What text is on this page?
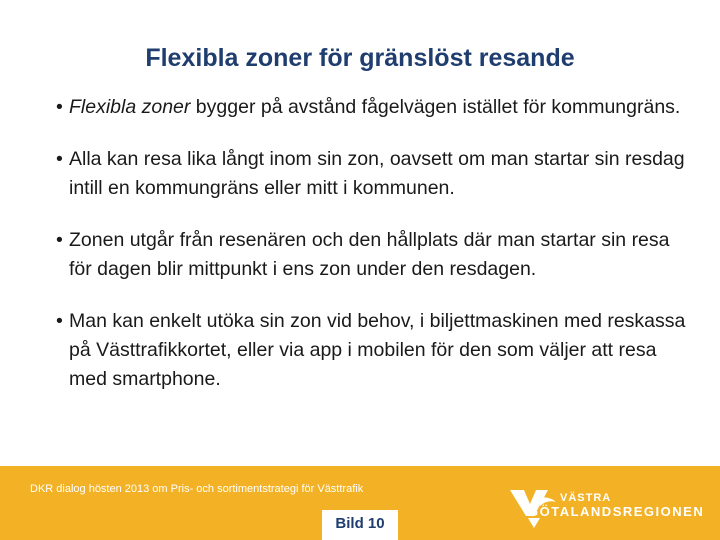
Flexibla zoner för gränslöst resande
• Flexibla zoner bygger på avstånd fågelvägen istället för kommungräns.
• Alla kan resa lika långt inom sin zon, oavsett om man startar sin resdag intill en kommungräns eller mitt i kommunen.
• Zonen utgår från resenären och den hållplats där man startar sin resa för dagen blir mittpunkt i ens zon under den resdagen.
• Man kan enkelt utöka sin zon vid behov, i biljettmaskinen med reskassa på Västtrafikkortet, eller via app i mobilen för den som väljer att resa med smartphone.
DKR dialog hösten 2013 om Pris- och sortimentstrategi för Västtrafik
Bild 10
VÄSTRA
GÖTALANDSREGIONEN
